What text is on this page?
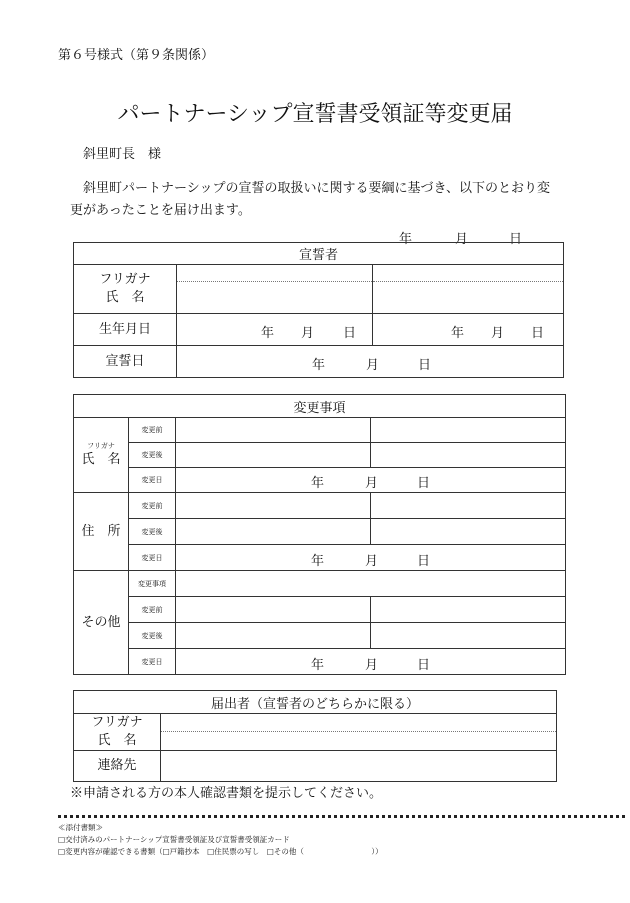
第６号様式（第９条関係）
パートナーシップ宣誓書受領証等変更届
斜里町長　様
斜里町パートナーシップの宣誓の取扱いに関する要綱に基づき、以下のとおり変
更があったことを届け出ます。
年	月	日
宣誓者		

フリガナ
氏　名		

生年月日	年 月 日	年 月 日

宣誓日	年 月 日	
変更事項			

フリガナ
氏　名	変更前		
	変更後		
	変更日	年 月 日	

住　所	変更前		
	変更後		
	変更日	年 月 日	

その他	変更事項		
	変更前		
	変更後		
	変更日	年 月 日	
届出者（宣誓者のどちらかに限る）	

フリガナ
氏　名	

連絡先	
※申請される方の本人確認書類を提示してください。
≪添付書類≫
□交付済みのパートナーシップ宣誓書受領証及び宣誓書受領証カード
□変更内容が確認できる書類（□戸籍抄本　□住民票の写し　□その他（　　　　　　　　　））
